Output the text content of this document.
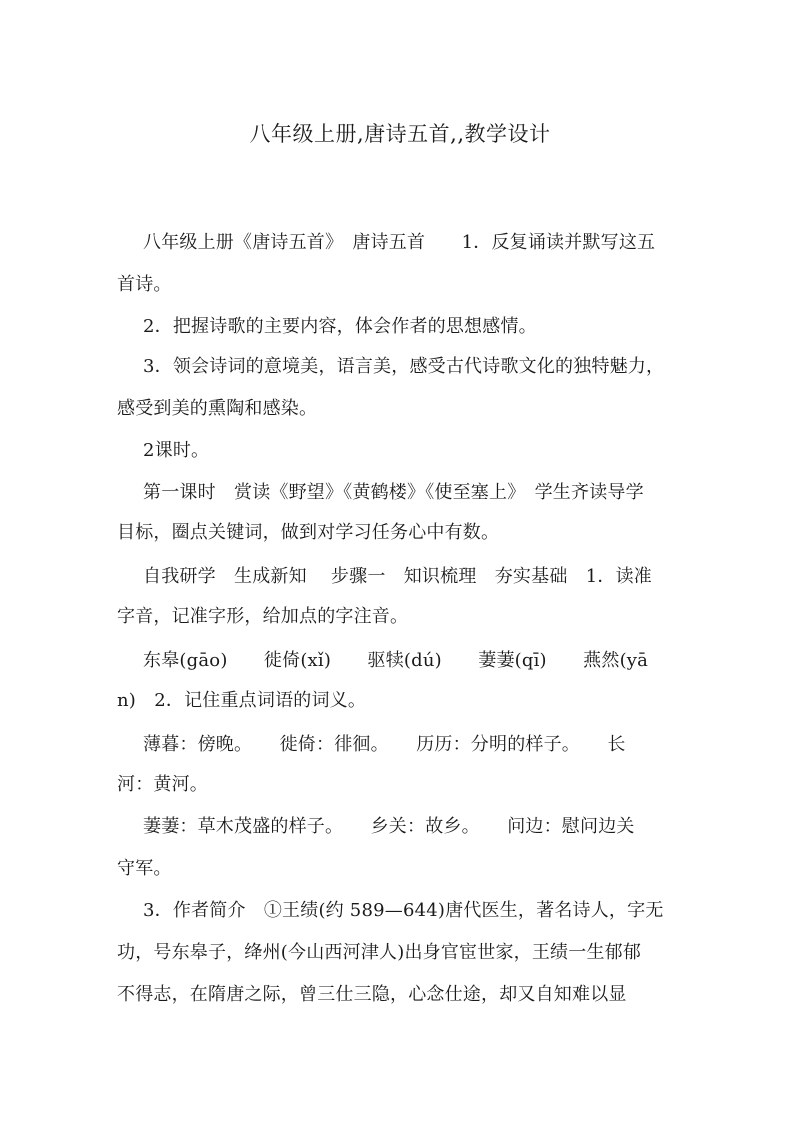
八年级上册,唐诗五首,,教学设计
八年级上册《唐诗五首》　唐诗五首　　1．反复诵读并默写这五
首诗。
2．把握诗歌的主要内容，体会作者的思想感情。
3．领会诗词的意境美，语言美，感受古代诗歌文化的独特魅力，
感受到美的熏陶和感染。
2课时。
第一课时　赏读《野望》《黄鹤楼》《使至塞上》　学生齐读导学
目标，圈点关键词，做到对学习任务心中有数。
自我研学　生成新知　 步骤一　知识梳理　夯实基础　1．读准
字音，记准字形，给加点的字注音。
东皋(gāo)　　徙倚(xǐ)　　驱犊(dú)　　萋萋(qī)　　燕然(yā
n)　2．记住重点词语的词义。
薄暮：傍晚。　　徙倚：徘徊。　　历历：分明的样子。　　长
河：黄河。
萋萋：草木茂盛的样子。　　乡关：故乡。　　问边：慰问边关
守军。
3．作者简介　①王绩(约 589—644)唐代医生，著名诗人，字无
功，号东皋子，绛州(今山西河津人)出身官宦世家，王绩一生郁郁
不得志，在隋唐之际，曾三仕三隐，心念仕途，却又自知难以显
